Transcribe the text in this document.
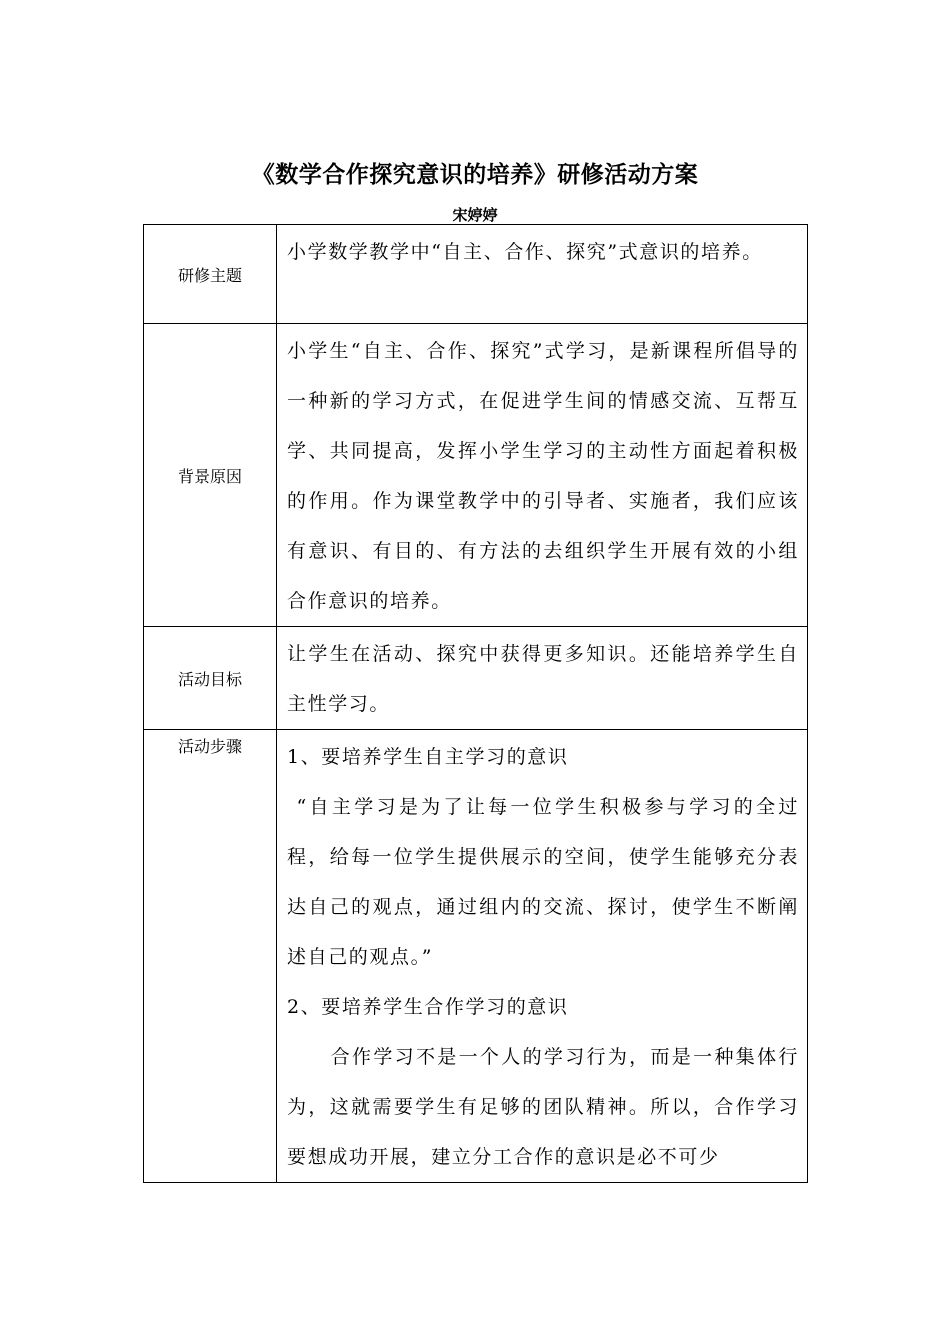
《数学合作探究意识的培养》研修活动方案
宋婷婷
研修主题	小学数学教学中“自主、合作、探究”式意识的培养。

背景原因	小学生“自主、合作、探究”式学习，是新课程所倡导的一种新的学习方式，在促进学生间的情感交流、互帮互学、共同提高，发挥小学生学习的主动性方面起着积极的作用。作为课堂教学中的引导者、实施者，我们应该有意识、有目的、有方法的去组织学生开展有效的小组合作意识的培养。

活动目标	让学生在活动、探究中获得更多知识。还能培养学生自主性学习。

活动步骤	1、要培养学生自主学习的意识

“自主学习是为了让每一位学生积极参与学习的全过程，给每一位学生提供展示的空间，使学生能够充分表达自己的观点，通过组内的交流、探讨，使学生不断阐述自己的观点。”

2、要培养学生合作学习的意识

合作学习不是一个人的学习行为，而是一种集体行为，这就需要学生有足够的团队精神。所以，合作学习要想成功开展，建立分工合作的意识是必不可少
